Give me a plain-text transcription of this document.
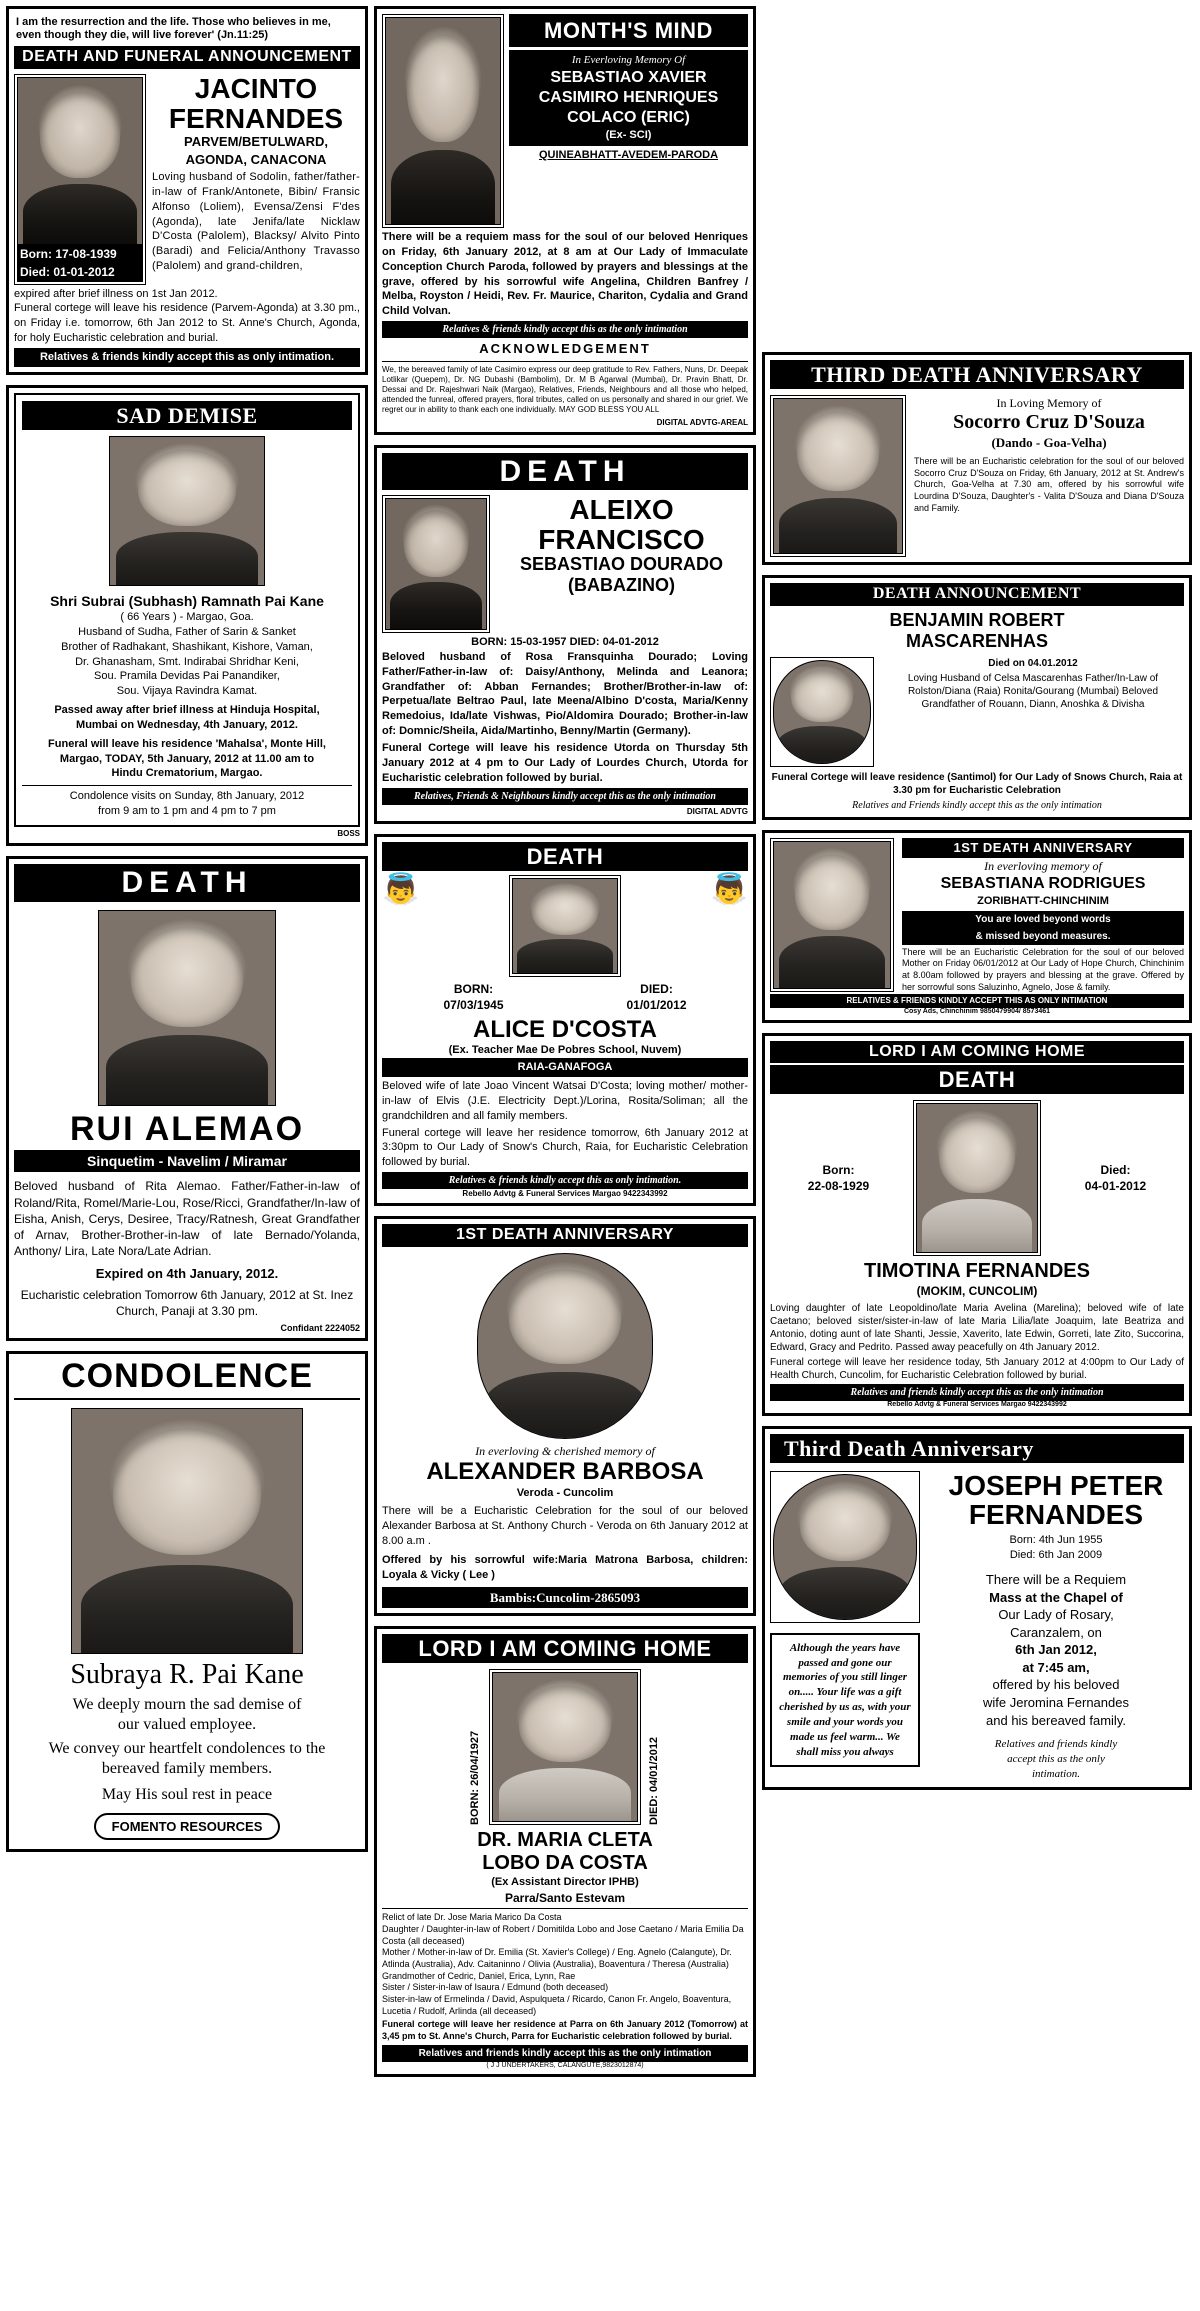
I am the resurrection and the life. Those who believes in me, even though they die, will live forever' (Jn.11:25)
DEATH AND FUNERAL ANNOUNCEMENT
Born: 17-08-1939
Died: 01-01-2012
JACINTO
FERNANDES
PARVEM/BETULWARD,
AGONDA, CANACONA
Loving husband of Sodolin, father/father-in-law of Frank/Antonete, Bibin/ Fransic Alfonso (Loliem), Evensa/Zensi F'des (Agonda), late Jenifa/late Nicklaw D'Costa (Palolem), Blacksy/ Alvito Pinto (Baradi) and Felicia/Anthony Travasso (Palolem) and grand-children,
expired after brief illness on 1st Jan 2012.
Funeral cortege will leave his residence (Parvem-Agonda) at 3.30 pm., on Friday i.e. tomorrow, 6th Jan 2012 to St. Anne's Church, Agonda, for holy Eucharistic celebration and burial.
Relatives & friends kindly accept this as only intimation.
SAD DEMISE
Shri Subrai (Subhash) Ramnath Pai Kane
( 66 Years ) - Margao, Goa.
Husband of Sudha, Father of Sarin & Sanket
Brother of Radhakant, Shashikant, Kishore, Vaman,
Dr. Ghanasham, Smt. Indirabai Shridhar Keni,
Sou. Pramila Devidas Pai Panandiker,
Sou. Vijaya Ravindra Kamat.
Passed away after brief illness at Hinduja Hospital,
Mumbai on Wednesday, 4th January, 2012.
Funeral will leave his residence 'Mahalsa', Monte Hill,
Margao, TODAY, 5th January, 2012 at 11.00 am to
Hindu Crematorium, Margao.
Condolence visits on Sunday, 8th January, 2012
from 9 am to 1 pm and 4 pm to 7 pm
BOSS
DEATH
RUI ALEMAO
Sinquetim - Navelim / Miramar
Beloved husband of Rita Alemao. Father/Father-in-law of Roland/Rita, Romel/Marie-Lou, Rose/Ricci, Grandfather/In-law of Eisha, Anish, Cerys, Desiree, Tracy/Ratnesh, Great Grandfather of Arnav, Brother-Brother-in-law of late Bernado/Yolanda, Anthony/ Lira, Late Nora/Late Adrian.
Expired on 4th January, 2012.
Eucharistic celebration Tomorrow 6th January, 2012 at St. Inez Church, Panaji at 3.30 pm.
Confidant 2224052
CONDOLENCE
Subraya R. Pai Kane
We deeply mourn the sad demise of
our valued employee.
We convey our heartfelt condolences to the
bereaved family members.
May His soul rest in peace
FOMENTO RESOURCES
MONTH'S MIND
In Everloving Memory Of
SEBASTIAO XAVIER
CASIMIRO HENRIQUES
COLACO (ERIC)
(Ex- SCI)
QUINEABHATT-AVEDEM-PARODA
There will be a requiem mass for the soul of our beloved Henriques on Friday, 6th January 2012, at 8 am at Our Lady of Immaculate Conception Church Paroda, followed by prayers and blessings at the grave, offered by his sorrowful wife Angelina, Children Banfrey / Melba, Royston / Heidi, Rev. Fr. Maurice, Chariton, Cydalia and Grand Child Volvan.
Relatives & friends kindly accept this as the only intimation
ACKNOWLEDGEMENT
We, the bereaved family of late Casimiro express our deep gratitude to Rev. Fathers, Nuns, Dr. Deepak Lotlikar (Quepem), Dr. NG Dubashi (Bambolim), Dr. M B Agarwal (Mumbai), Dr. Pravin Bhatt, Dr. Dessai and Dr. Rajeshwari Naik (Margao), Relatives, Friends, Neighbours and all those who helped, attended the funreal, offered prayers, floral tributes, called on us personally and shared in our grief. We regret our in ability to thank each one individually. MAY GOD BLESS YOU ALL
DIGITAL ADVTG-AREAL
DEATH
ALEIXO
FRANCISCO
SEBASTIAO DOURADO
(BABAZINO)
BORN: 15-03-1957 DIED: 04-01-2012
Beloved husband of Rosa Fransquinha Dourado; Loving Father/Father-in-law of: Daisy/Anthony, Melinda and Leanora; Grandfather of: Abban Fernandes; Brother/Brother-in-law of: Perpetua/late Beltrao Paul, late Meena/Albino D'costa, Maria/Kenny Remedoius, Ida/late Vishwas, Pio/Aldomira Dourado; Brother-in-law of: Domnic/Sheila, Aida/Martinho, Benny/Martin (Germany).
Funeral Cortege will leave his residence Utorda on Thursday 5th January 2012 at 4 pm to Our Lady of Lourdes Church, Utorda for Eucharistic celebration followed by burial.
Relatives, Friends & Neighbours kindly accept this as the only intimation
DIGITAL ADVTG
DEATH
👼	👼
BORN:
07/03/1945
DIED:
01/01/2012
ALICE D'COSTA
(Ex. Teacher Mae De Pobres School, Nuvem)
RAIA-GANAFOGA
Beloved wife of late Joao Vincent Watsai D'Costa; loving mother/ mother-in-law of Elvis (J.E. Electricity Dept.)/Lorina, Rosita/Soliman; all the grandchildren and all family members.
Funeral cortege will leave her residence tomorrow, 6th January 2012 at 3:30pm to Our Lady of Snow's Church, Raia, for Eucharistic Celebration followed by burial.
Relatives & friends kindly accept this as only intimation.
Rebello Advtg & Funeral Services Margao 9422343992
1ST DEATH ANNIVERSARY
In everloving & cherished memory of
ALEXANDER BARBOSA
Veroda - Cuncolim
There will be a Eucharistic Celebration for the soul of our beloved Alexander Barbosa at St. Anthony Church - Veroda on 6th January 2012 at 8.00 a.m .
Offered by his sorrowful wife:Maria Matrona Barbosa, children: Loyala & Vicky ( Lee )
Bambis:Cuncolim-2865093
LORD I AM COMING HOME
BORN: 26/04/1927	DIED: 04/01/2012
DR. MARIA CLETA
LOBO DA COSTA
(Ex Assistant Director IPHB)
Parra/Santo Estevam
Relict of late Dr. Jose Maria Marico Da Costa
Daughter / Daughter-in-law of Robert / Domitilda Lobo and Jose Caetano / Maria Emilia Da Costa (all deceased)
Mother / Mother-in-law of Dr. Emilia (St. Xavier's College) / Eng. Agnelo (Calangute), Dr. Atlinda (Australia), Adv. Caitaninno / Olivia (Australia), Boaventura / Theresa (Australia)
Grandmother of Cedric, Daniel, Erica, Lynn, Rae
Sister / Sister-in-law of Isaura / Edmund (both deceased)
Sister-in-law of Ermelinda / David, Aspulqueta / Ricardo, Canon Fr. Angelo, Boaventura, Lucetia / Rudolf, Arlinda (all deceased)
Funeral cortege will leave her residence at Parra on 6th January 2012 (Tomorrow) at 3,45 pm to St. Anne's Church, Parra for Eucharistic celebration followed by burial.
Relatives and friends kindly accept this as the only intimation
( J J UNDERTAKERS, CALANGUTE,9823012874)
THIRD DEATH ANNIVERSARY
In Loving Memory of
Socorro Cruz D'Souza
(Dando - Goa-Velha)
There will be an Eucharistic celebration for the soul of our beloved Socorro Cruz D'Souza on Friday, 6th January, 2012 at St. Andrew's Church, Goa-Velha at 7.30 am, offered by his sorrowful wife Lourdina D'Souza, Daughter's - Valita D'Souza and Diana D'Souza and Family.
DEATH ANNOUNCEMENT
BENJAMIN ROBERT
MASCARENHAS
Died on 04.01.2012
Loving Husband of Celsa Mascarenhas Father/In-Law of Rolston/Diana (Raia) Ronita/Gourang (Mumbai) Beloved Grandfather of Rouann, Diann, Anoshka & Divisha
Funeral Cortege will leave residence (Santimol) for Our Lady of Snows Church, Raia at 3.30 pm for Eucharistic Celebration
Relatives and Friends kindly accept this as the only intimation
1ST DEATH ANNIVERSARY
In everloving memory of
SEBASTIANA RODRIGUES
ZORIBHATT-CHINCHINIM
You are loved beyond words
& missed beyond measures.
There will be an Eucharistic Celebration for the soul of our beloved Mother on Friday 06/01/2012 at Our Lady of Hope Church, Chinchinim at 8.00am followed by prayers and blessing at the grave. Offered by her sorrowful sons Saluzinho, Agnelo, Jose & family.
RELATIVES & FRIENDS KINDLY ACCEPT THIS AS ONLY INTIMATION
Cosy Ads, Chinchinim 9850479904/ 8573461
LORD I AM COMING HOME
DEATH
Born:
22-08-1929
Died:
04-01-2012
TIMOTINA FERNANDES
(MOKIM, CUNCOLIM)
Loving daughter of late Leopoldino/late Maria Avelina (Marelina); beloved wife of late Caetano; beloved sister/sister-in-law of late Maria Lilia/late Joaquim, late Beatriza and Antonio, doting aunt of late Shanti, Jessie, Xaverito, late Edwin, Gorreti, late Zito, Succorina, Edward, Gracy and Pedrito. Passed away peacefully on 4th January 2012.
Funeral cortege will leave her residence today, 5th January 2012 at 4:00pm to Our Lady of Health Church, Cuncolim, for Eucharistic Celebration followed by burial.
Relatives and friends kindly accept this as the only intimation
Rebello Advtg & Funeral Services Margao 9422343992
Third Death Anniversary
Although the years have passed and gone our memories of you still linger on..... Your life was a gift cherished by us as, with your smile and your words you made us feel warm... We shall miss you always
JOSEPH PETER
FERNANDES
Born: 4th Jun 1955
Died: 6th Jan 2009
There will be a Requiem
Mass at the Chapel of
Our Lady of Rosary,
Caranzalem, on
6th Jan 2012,
at 7:45 am,
offered by his beloved
wife Jeromina Fernandes
and his bereaved family.
Relatives and friends kindly
accept this as the only
intimation.
